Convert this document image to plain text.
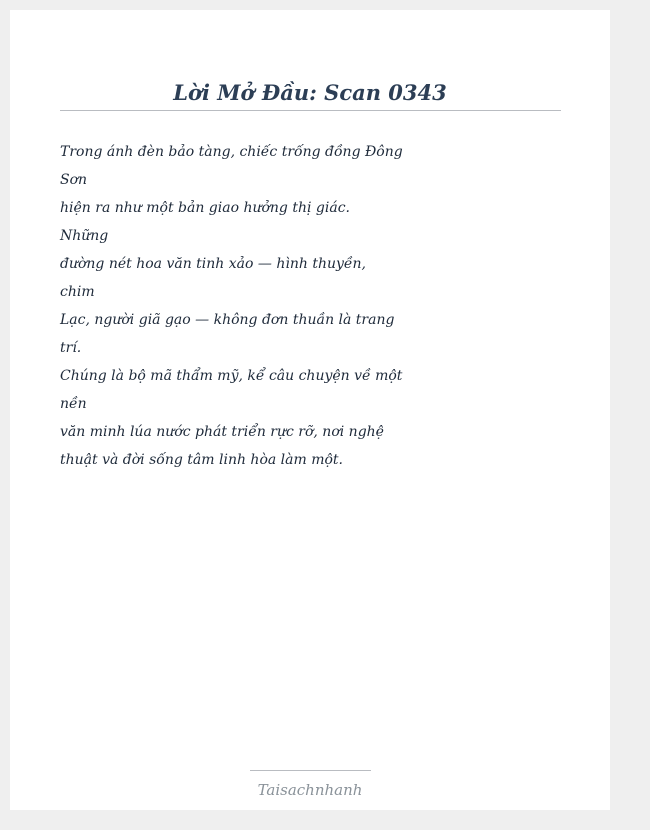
Lời Mở Đầu: Scan 0343
Trong ánh đèn bảo tàng, chiếc trống đồng Đông
Sơn
hiện ra như một bản giao hưởng thị giác.
Những
đường nét hoa văn tinh xảo — hình thuyền,
chim
Lạc, người giã gạo — không đơn thuần là trang
trí.
Chúng là bộ mã thẩm mỹ, kể câu chuyện về một
nền
văn minh lúa nước phát triển rực rỡ, nơi nghệ
thuật và đời sống tâm linh hòa làm một.
Taisachnhanh
